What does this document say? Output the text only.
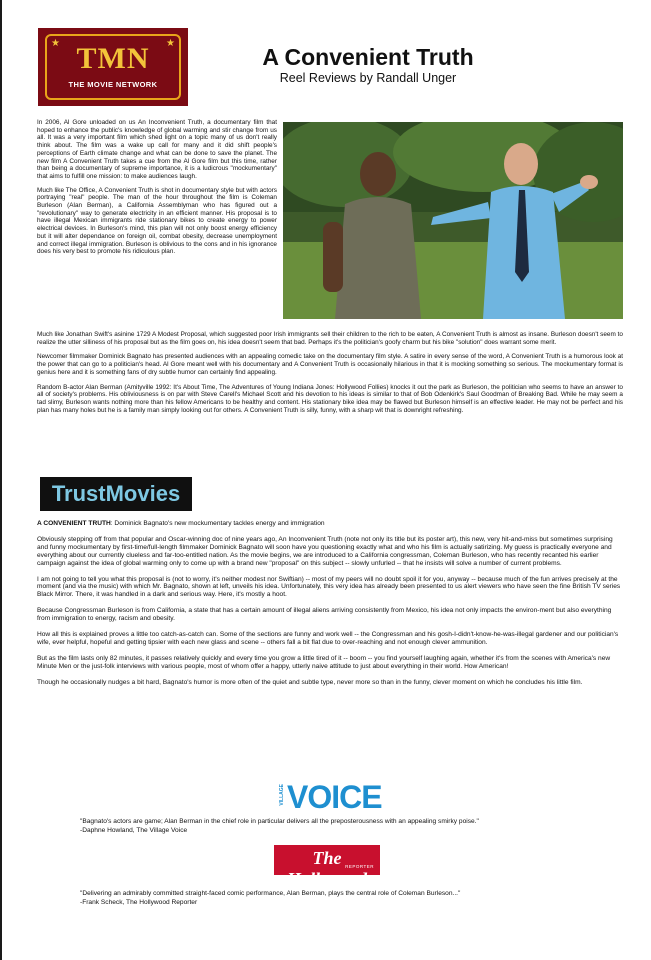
★	★
TMN
THE MOVIE NETWORK
A Convenient Truth
Reel Reviews by Randall Unger

In 2006, Al Gore unloaded on us An Inconvenient Truth, a documentary film that hoped to enhance the public's knowledge of global warming and stir change from us all. It was a very important film which shed light on a topic many of us don't really think about. The film was a wake up call for many and it did shift people's perceptions of Earth climate change and what can be done to save the planet. The new film A Convenient Truth takes a cue from the Al Gore film but this time, rather than being a documentary of supreme importance, it is a ludicrous "mockumentary" that aims to fulfill one mission: to make audiences laugh.

Much like The Office, A Convenient Truth is shot in documentary style but with actors portraying "real" people. The man of the hour throughout the film is Coleman Burleson (Alan Berman), a California Assemblyman who has figured out a "revolutionary" way to generate electricity in an efficient manner. His proposal is to have illegal Mexican immigrants ride stationary bikes to create energy to power electrical devices. In Burleson's mind, this plan will not only boost energy efficiency but it will alter dependance on foreign oil, combat obesity, decrease unemployment and correct illegal immigration. Burleson is oblivious to the cons and in his ignorance does his very best to promote his ridiculous plan.

Much like Jonathan Swift's asinine 1729 A Modest Proposal, which suggested poor Irish immigrants sell their children to the rich to be eaten, A Convenient Truth is almost as insane. Burleson doesn't seem to realize the utter silliness of his proposal but as the film goes on, his idea doesn't seem that bad. Perhaps it's the politician's goofy charm but his bike "solution" does warrant some merit.

Newcomer filmmaker Dominick Bagnato has presented audiences with an appealing comedic take on the documentary film style. A satire in every sense of the word, A Convenient Truth is a humorous look at the power that can go to a politician's head. Al Gore meant well with his documentary and A Convenient Truth is occasionally hilarious in that it is mocking something so serious. The mockumentary format is genius here and it is something fans of dry subtle humor can certainly find appealing.

Random B-actor Alan Berman (Amityville 1992: It's About Time, The Adventures of Young Indiana Jones: Hollywood Follies) knocks it out the park as Burleson, the politician who seems to have an answer to all of society's problems. His obliviousness is on par with Steve Carell's Michael Scott and his devotion to his ideas is similar to that of Bob Odenkirk's Saul Goodman of Breaking Bad. While he may seem a tad slimy, Burleson wants nothing more than his fellow Americans to be healthy and content. His stationary bike idea may be flawed but Burleson himself is an effective leader. He may not be perfect and his plan has many holes but he is a family man simply looking out for others. A Convenient Truth is silly, funny, with a sharp wit that is downright refreshing.

TrustMovies

A CONVENIENT TRUTH: Dominick Bagnato's new mockumentary tackles energy and immigration

Obviously stepping off from that popular and Oscar-winning doc of nine years ago, An Inconvenient Truth (note not only its title but its poster art), this new, very hit-and-miss but sometimes surprising and funny mockumentary by first-time/full-length filmmaker Dominick Bagnato will soon have you questioning exactly what and who his film is actually satirizing. My guess is practically everyone and everything about our currently clueless and far-too-entitled nation. As the movie begins, we are introduced to a California congressman, Coleman Burleson, who has recently recanted his earlier campaign against the idea of global warming only to come up with a brand new "proposal" on this subject -- slowly unfurled -- that he insists will solve a number of current problems.

I am not going to tell you what this proposal is (not to worry, it's neither modest nor Swiftian) -- most of my peers will no doubt spoil it for you, anyway -- because much of the fun arrives precisely at the moment (and via the music) with which Mr. Bagnato, shown at left, unveils his idea. Unfortunately, this very idea has already been presented to us alert viewers who have seen the fine British TV series Black Mirror. There, it was handled in a dark and serious way. Here, it's mostly a hoot.

Because Congressman Burleson is from California, a state that has a certain amount of illegal aliens arriving consistently from Mexico, his idea not only impacts the environ-ment but also everything from immigration to energy, racism and obesity.

How all this is explained proves a little too catch-as-catch can. Some of the sections are funny and work well -- the Congressman and his gosh-I-didn't-know-he-was-illegal gardener and our politician's wife, ever helpful, hopeful and getting tipsier with each new glass and scene -- others fall a bit flat due to over-reaching and not enough clever ammunition.

But as the film lasts only 82 minutes, it passes relatively quickly and every time you grow a little tired of it -- boom -- you find yourself laughing again, whether it's from the scenes with America's new Minute Men or the just-folk interviews with various people, most of whom offer a happy, utterly naive attitude to just about everything in their world. How American!

Though he occasionally nudges a bit hard, Bagnato's humor is more often of the quiet and subtle type, never more so than in the funny, clever moment on which he concludes his little film.

VILLAGE VOICE
"Bagnato's actors are game; Alan Berman in the chief role in particular delivers all the preposterousness with an appealing smirky poise."
-Daphne Howland, The Village Voice
The Hollywood
REPORTER
"Delivering an admirably committed straight-faced comic performance, Alan Berman, plays the central role of Coleman Burleson..."
-Frank Scheck, The Hollywood Reporter
